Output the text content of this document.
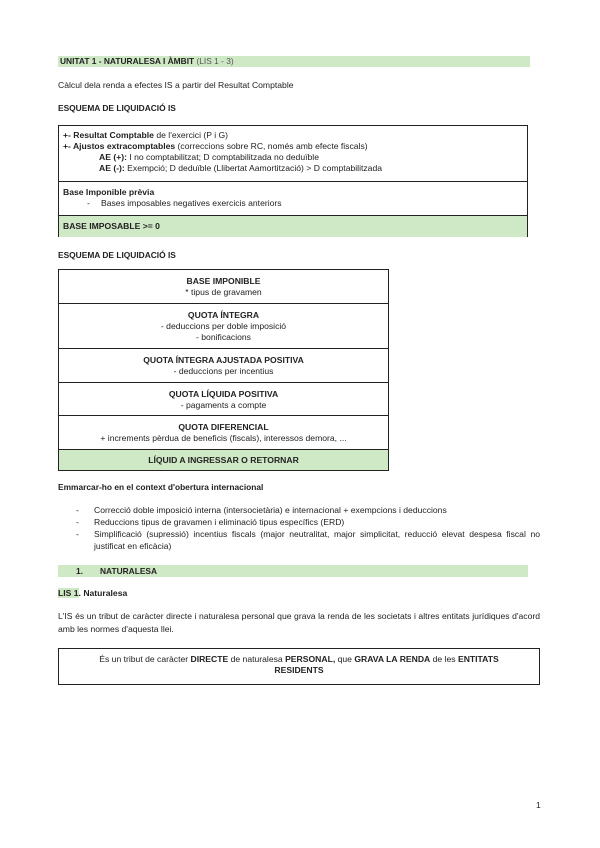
UNITAT 1 - NATURALESA I ÀMBIT (LIS 1 - 3)
Càlcul dela renda a efectes IS a partir del Resultat Comptable
ESQUEMA DE LIQUIDACIÓ IS
+- Resultat Comptable de l'exercici (P i G)
+- Ajustos extracomptables (correccions sobre RC, només amb efecte fiscals)
AE (+): I no comptabilitzat; D comptabilitzada no deduïble
AE (-): Exempció; D deduïble (Llibertat Aamortització) > D comptabilitzada
Base Imponible prèvia
- Bases imposables negatives exercicis anteriors
BASE IMPOSABLE >= 0
ESQUEMA DE LIQUIDACIÓ IS
BASE IMPONIBLE
* tipus de gravamen
QUOTA ÍNTEGRA
- deduccions per doble imposició
- bonificacions
QUOTA ÍNTEGRA AJUSTADA POSITIVA
- deduccions per incentius
QUOTA LÍQUIDA POSITIVA
- pagaments a compte
QUOTA DIFERENCIAL
+ increments pèrdua de beneficis (fiscals), interessos demora, ...
LÍQUID A INGRESSAR O RETORNAR
Emmarcar-ho en el context d'obertura internacional
- Correcció doble imposició interna (intersocietària) e internacional + exempcions i deduccions
- Reduccions tipus de gravamen i eliminació tipus específics (ERD)
- Simplificació (supressió) incentius fiscals (major neutralitat, major simplicitat, reducció elevat despesa fiscal no justificat en eficàcia)
1. NATURALESA
LIS 1. Naturalesa
L'IS és un tribut de caràcter directe i naturalesa personal que grava la renda de les societats i altres entitats jurídiques d'acord amb les normes d'aquesta llei.
És un tribut de caràcter DIRECTE de naturalesa PERSONAL, que GRAVA LA RENDA de les ENTITATS RESIDENTS
1
